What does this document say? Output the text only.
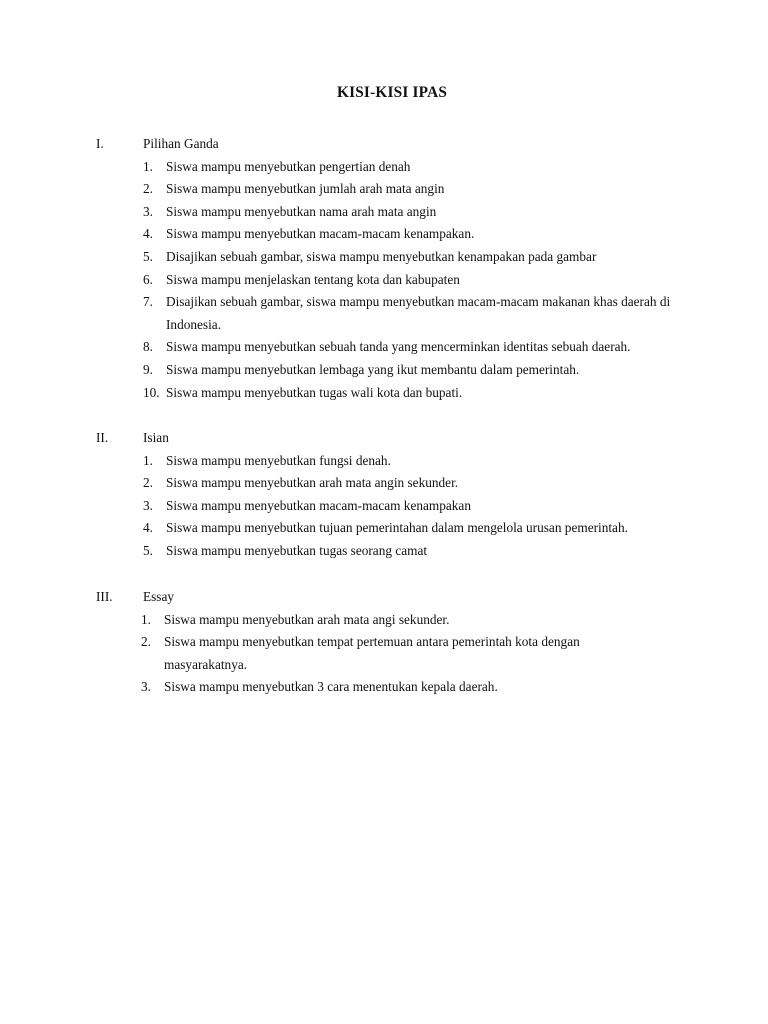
KISI-KISI IPAS
I.	Pilihan Ganda
1. Siswa mampu menyebutkan pengertian denah
2. Siswa mampu menyebutkan jumlah arah mata angin
3. Siswa mampu menyebutkan nama arah mata angin
4. Siswa mampu menyebutkan macam-macam kenampakan.
5. Disajikan sebuah gambar, siswa mampu menyebutkan kenampakan pada gambar
6. Siswa mampu menjelaskan tentang kota dan kabupaten
7. Disajikan sebuah gambar, siswa mampu menyebutkan macam-macam makanan khas daerah di Indonesia.
8. Siswa mampu menyebutkan sebuah tanda yang mencerminkan identitas sebuah daerah.
9. Siswa mampu menyebutkan lembaga yang ikut membantu dalam pemerintah.
10. Siswa mampu menyebutkan tugas wali kota dan bupati.
II.	Isian
1. Siswa mampu menyebutkan fungsi denah.
2. Siswa mampu menyebutkan arah mata angin sekunder.
3. Siswa mampu menyebutkan macam-macam kenampakan
4. Siswa mampu menyebutkan tujuan pemerintahan dalam mengelola urusan pemerintah.
5. Siswa mampu menyebutkan tugas seorang camat
III. Essay
1. Siswa mampu menyebutkan arah mata angi sekunder.
2. Siswa mampu menyebutkan tempat pertemuan antara pemerintah kota dengan masyarakatnya.
3. Siswa mampu menyebutkan 3 cara menentukan kepala daerah.
